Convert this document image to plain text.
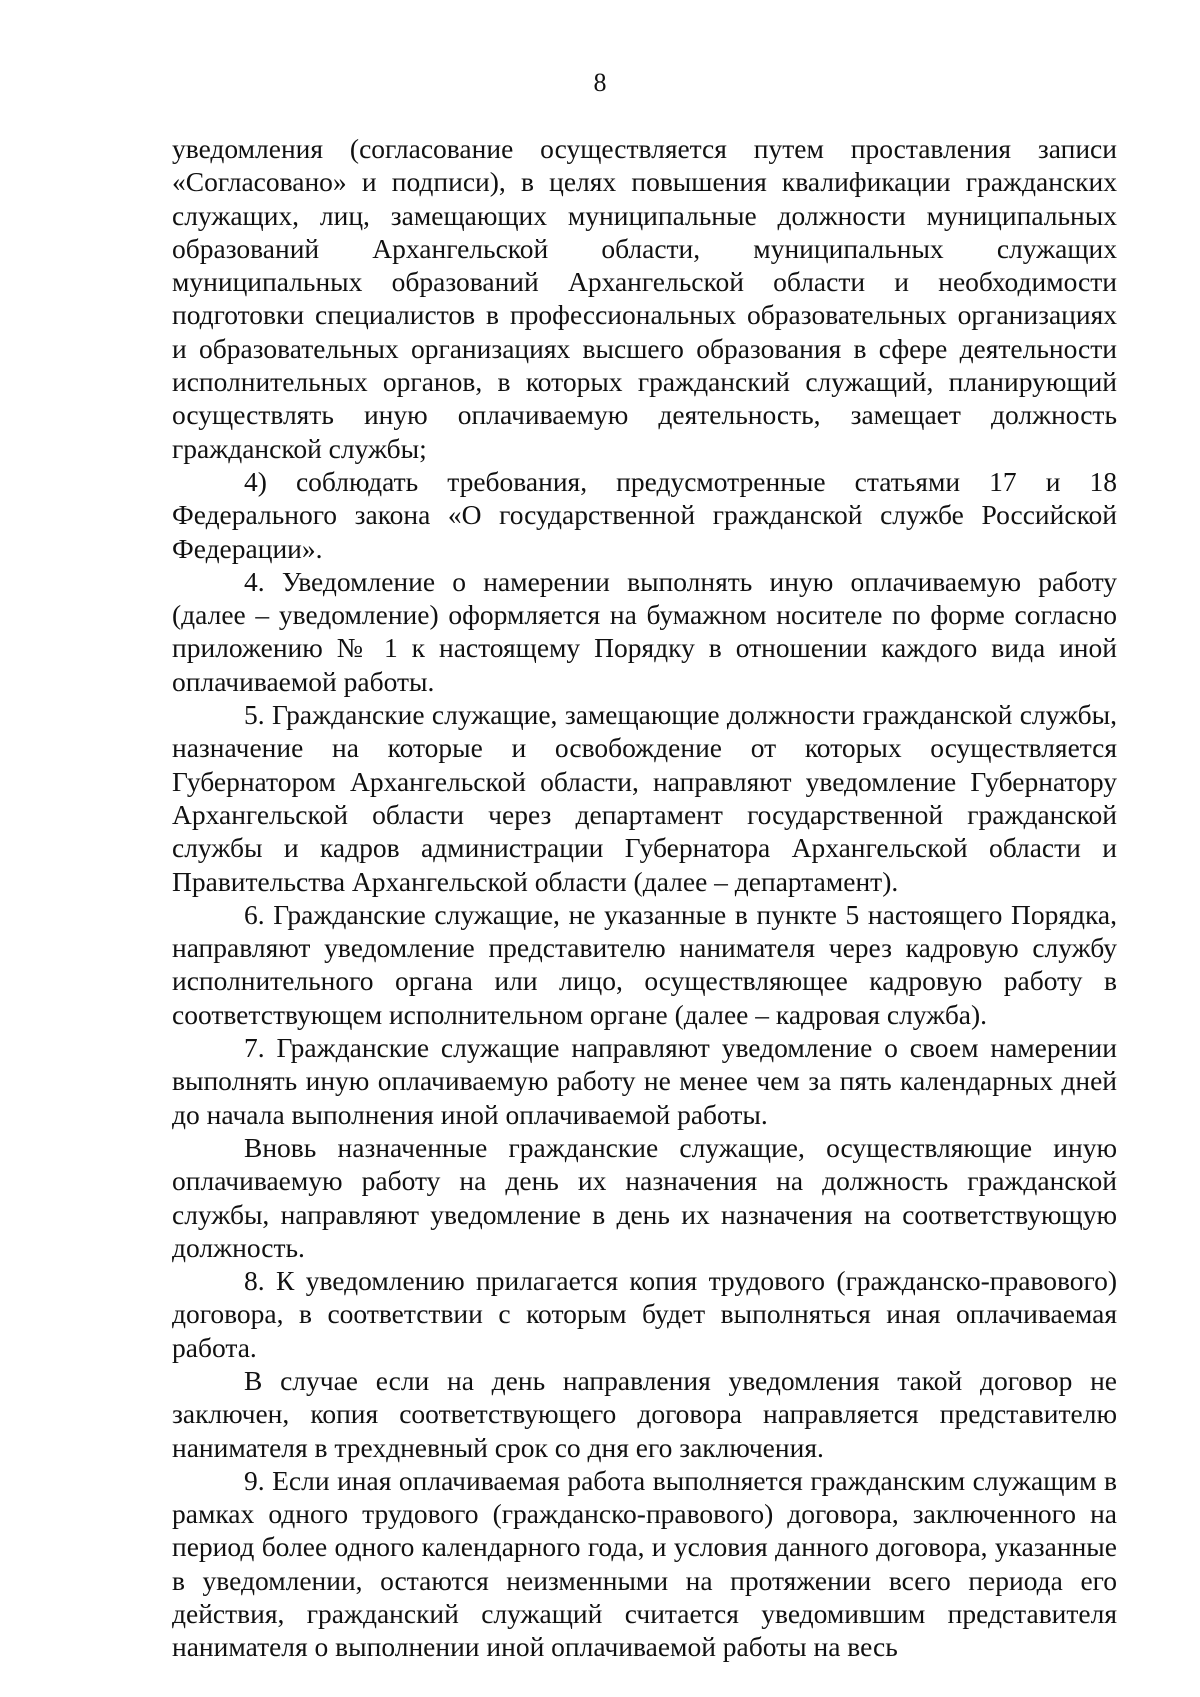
8

уведомления (согласование осуществляется путем проставления записи «Согласовано» и подписи), в целях повышения квалификации гражданских служащих, лиц, замещающих муниципальные должности муниципальных образований Архангельской области, муниципальных служащих муниципальных образований Архангельской области и необходимости подготовки специалистов в профессиональных образовательных организациях и образовательных организациях высшего образования в сфере деятельности исполнительных органов, в которых гражданский служащий, планирующий осуществлять иную оплачиваемую деятельность, замещает должность гражданской службы;

4) соблюдать требования, предусмотренные статьями 17 и 18 Федерального закона «О государственной гражданской службе Российской Федерации».

4. Уведомление о намерении выполнять иную оплачиваемую работу (далее – уведомление) оформляется на бумажном носителе по форме согласно приложению № 1 к настоящему Порядку в отношении каждого вида иной оплачиваемой работы.

5. Гражданские служащие, замещающие должности гражданской службы, назначение на которые и освобождение от которых осуществляется Губернатором Архангельской области, направляют уведомление Губернатору Архангельской области через департамент государственной гражданской службы и кадров администрации Губернатора Архангельской области и Правительства Архангельской области (далее – департамент).

6. Гражданские служащие, не указанные в пункте 5 настоящего Порядка, направляют уведомление представителю нанимателя через кадровую службу исполнительного органа или лицо, осуществляющее кадровую работу в соответствующем исполнительном органе (далее – кадровая служба).

7. Гражданские служащие направляют уведомление о своем намерении выполнять иную оплачиваемую работу не менее чем за пять календарных дней до начала выполнения иной оплачиваемой работы.

Вновь назначенные гражданские служащие, осуществляющие иную оплачиваемую работу на день их назначения на должность гражданской службы, направляют уведомление в день их назначения на соответствующую должность.

8. К уведомлению прилагается копия трудового (гражданско-правового) договора, в соответствии с которым будет выполняться иная оплачиваемая работа.

В случае если на день направления уведомления такой договор не заключен, копия соответствующего договора направляется представителю нанимателя в трехдневный срок со дня его заключения.

9. Если иная оплачиваемая работа выполняется гражданским служащим в рамках одного трудового (гражданско-правового) договора, заключенного на период более одного календарного года, и условия данного договора, указанные в уведомлении, остаются неизменными на протяжении всего периода его действия, гражданский служащий считается уведомившим представителя нанимателя о выполнении иной оплачиваемой работы на весь
